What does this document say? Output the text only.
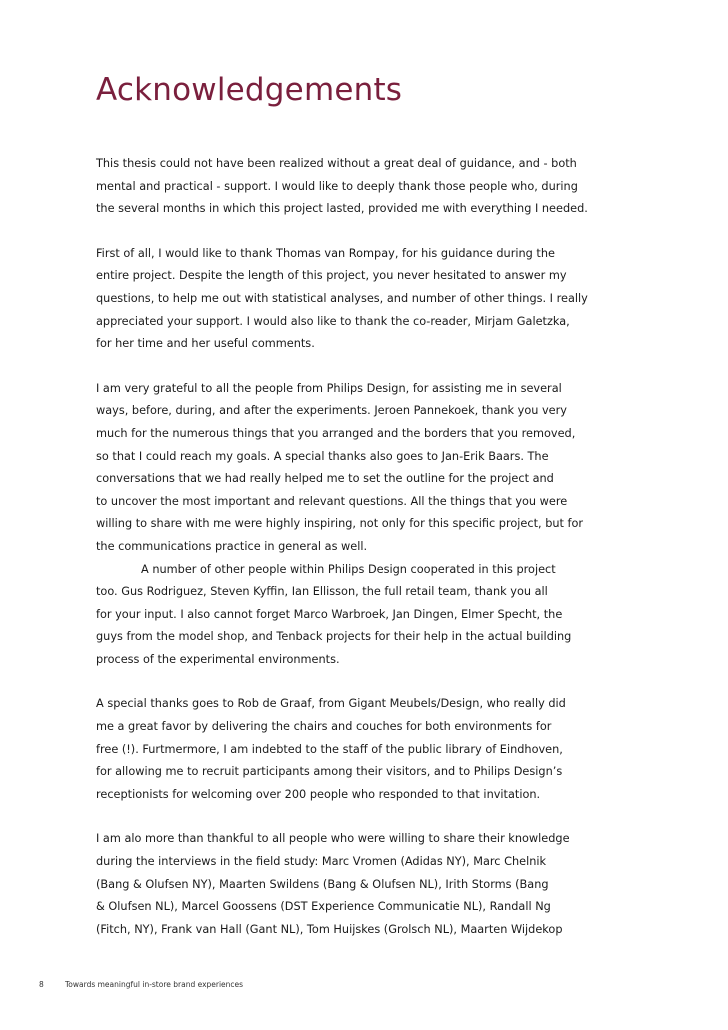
Acknowledgements
This thesis could not have been realized without a great deal of guidance, and - both
mental and practical - support. I would like to deeply thank those people who, during
the several months in which this project lasted, provided me with everything I needed.
First of all, I would like to thank Thomas van Rompay, for his guidance during the
entire project. Despite the length of this project, you never hesitated to answer my
questions, to help me out with statistical analyses, and number of other things. I really
appreciated your support. I would also like to thank the co-reader, Mirjam Galetzka,
for her time and her useful comments.
I am very grateful to all the people from Philips Design, for assisting me in several
ways, before, during, and after the experiments. Jeroen Pannekoek, thank you very
much for the numerous things that you arranged and the borders that you removed,
so that I could reach my goals. A special thanks also goes to Jan-Erik Baars. The
conversations that we had really helped me to set the outline for the project and
to uncover the most important and relevant questions. All the things that you were
willing to share with me were highly inspiring, not only for this specific project, but for
the communications practice in general as well.
A number of other people within Philips Design cooperated in this project
too. Gus Rodriguez, Steven Kyffin, Ian Ellisson, the full retail team, thank you all
for your input. I also cannot forget Marco Warbroek, Jan Dingen, Elmer Specht, the
guys from the model shop, and Tenback projects for their help in the actual building
process of the experimental environments.
A special thanks goes to Rob de Graaf, from Gigant Meubels/Design, who really did
me a great favor by delivering the chairs and couches for both environments for
free (!). Furtmermore, I am indebted to the staff of the public library of Eindhoven,
for allowing me to recruit participants among their visitors, and to Philips Design’s
receptionists for welcoming over 200 people who responded to that invitation.
I am alo more than thankful to all people who were willing to share their knowledge
during the interviews in the field study: Marc Vromen (Adidas NY), Marc Chelnik
(Bang & Olufsen NY), Maarten Swildens (Bang & Olufsen NL), Irith Storms (Bang
& Olufsen NL), Marcel Goossens (DST Experience Communicatie NL), Randall Ng
(Fitch, NY), Frank van Hall (Gant NL), Tom Huijskes (Grolsch NL), Maarten Wijdekop
8	Towards meaningful in-store brand experiences
